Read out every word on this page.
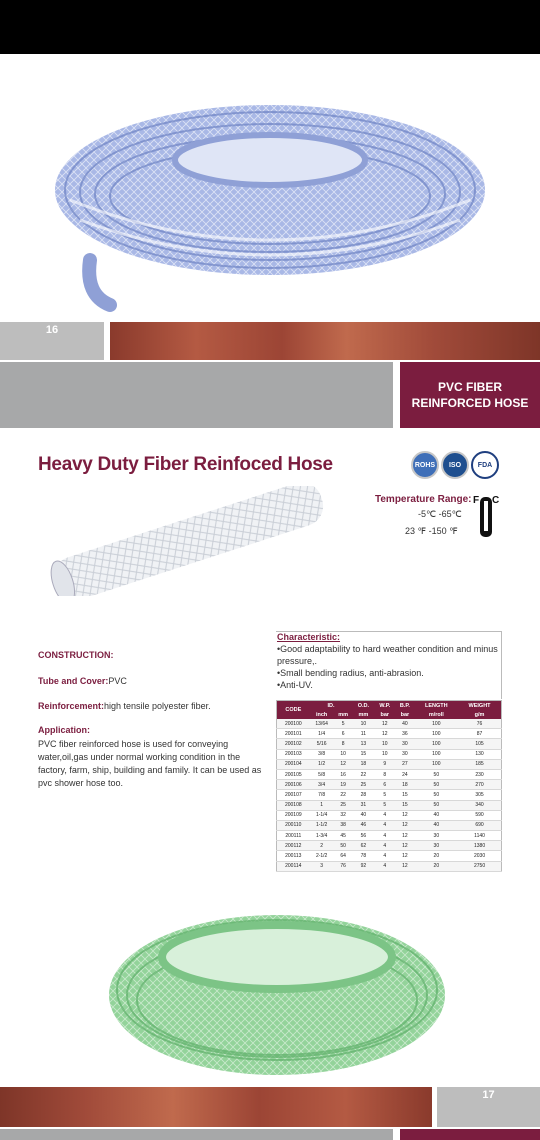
16
PVC FIBER
REINFORCED HOSE
Heavy Duty Fiber Reinfoced Hose	ROHS ISO FDA
Temperature Range:
-5℃ -65℃
23 ℉ -150 ℉
F C
CONSTRUCTION:
Tube and Cover:PVC
Reinforcement:high tensile polyester fiber.
Application:
PVC fiber reinforced hose is used for conveying water,oil,gas under normal working condition in the factory, farm, ship, building and family. It can be used as pvc shower hose too.
Characteristic:
•Good adaptability to hard weather condition and minus pressure,.
•Small bending radius, anti-abrasion.
•Anti-UV.
CODE	ID.		O.D.	W.P.	B.P.	LENGTH	WEIGHT
	inch	mm	mm	bar	bar	m/roll	g/m
200100	13/64	5	10	12	40	100	76
200101	1/4	6	11	12	36	100	87
200102	5/16	8	13	10	30	100	105
200103	3/8	10	15	10	30	100	130
200104	1/2	12	18	9	27	100	185
200105	5/8	16	22	8	24	50	230
200106	3/4	19	25	6	18	50	270
200107	7/8	22	28	5	15	50	305
200108	1	25	31	5	15	50	340
200109	1-1/4	32	40	4	12	40	590
200110	1-1/2	38	46	4	12	40	690
200111	1-3/4	45	56	4	12	30	1140
200112	2	50	62	4	12	30	1380
200113	2-1/2	64	78	4	12	20	2030
200114	3	76	92	4	12	20	2750
17
